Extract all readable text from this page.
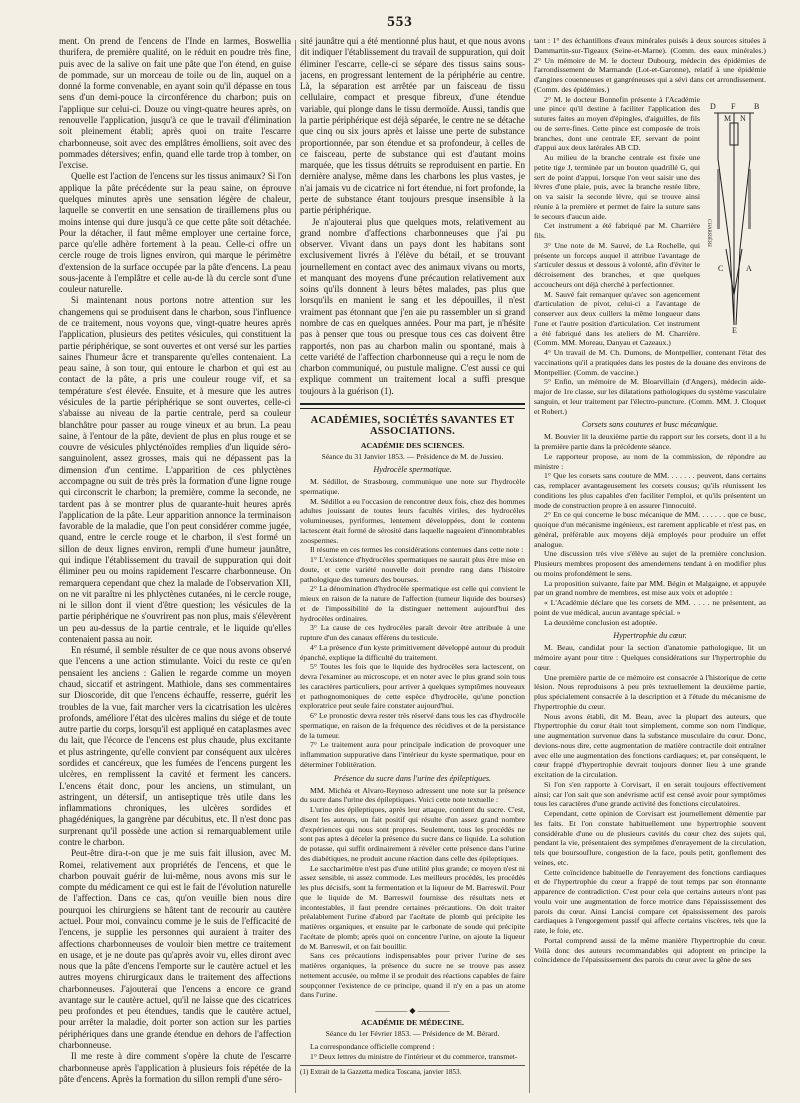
553

ment. On prend de l'encens de l'Inde en larmes, Boswellia thurifera, de première qualité, on le réduit en poudre très fine, puis avec de la salive on fait une pâte que l'on étend, en guise de pommade, sur un morceau de toile ou de lin, auquel on a donné la forme convenable, en ayant soin qu'il dépasse en tous sens d'un demi-pouce la circonférence du charbon; puis on l'applique sur celui-ci. Douze ou vingt-quatre heures après, on renouvelle l'application, jusqu'à ce que le travail d'élimination soit pleinement établi; après quoi on traite l'escarre charbonneuse, soit avec des emplâtres émolliens, soit avec des pommades détersives; enfin, quand elle tarde trop à tomber, on l'excise.

Quelle est l'action de l'encens sur les tissus animaux? Si l'on applique la pâte précédente sur la peau saine, on éprouve quelques minutes après une sensation légère de chaleur, laquelle se convertit en une sensation de tiraillemens plus ou moins intense qui dure jusqu'à ce que cette pâte soit détachée. Pour la détacher, il faut même employer une certaine force, parce qu'elle adhère fortement à la peau. Celle-ci offre un cercle rouge de trois lignes environ, qui marque le périmètre d'extension de la surface occupée par la pâte d'encens. La peau sous-jacente à l'emplâtre et celle au-de là du cercle sont d'une couleur naturelle.

Si maintenant nous portons notre attention sur les changemens qui se produisent dans le charbon, sous l'influence de ce traitement, nous voyons que, vingt-quatre heures après l'application, plusieurs des petites vésicules, qui constituent la partie périphérique, se sont ouvertes et ont versé sur les parties saines l'humeur âcre et transparente qu'elles contenaient. La peau saine, à son tour, qui entoure le charbon et qui est au contact de la pâte, a pris une couleur rouge vif, et sa température s'est élevée. Ensuite, et à mesure que les autres vésicules de la partie périphérique se sont ouvertes, celle-ci s'abaisse au niveau de la partie centrale, perd sa couleur blanchâtre pour passer au rouge vineux et au brun. La peau saine, à l'entour de la pâte, devient de plus en plus rouge et se couvre de vésicules phlycténoïdes remplies d'un liquide séro-sanguinolent, assez grosses, mais qui ne dépassent pas la dimension d'un centime. L'apparition de ces phlyctènes accompagne ou suit de très près la formation d'une ligne rouge qui circonscrit le charbon; la première, comme la seconde, ne tardent pas à se montrer plus de quarante-huit heures après l'application de la pâte. Leur apparition annonce la terminaison favorable de la maladie, que l'on peut considérer comme jugée, quand, entre le cercle rouge et le charbon, il s'est formé un sillon de deux lignes environ, rempli d'une humeur jaunâtre, qui indique l'établissement du travail de suppuration qui doit éliminer peu ou moins rapidement l'escarre charbonneuse. On remarquera cependant que chez la malade de l'observation XII, on ne vit paraître ni les phlyctènes cutanées, ni le cercle rouge, ni le sillon dont il vient d'être question; les vésicules de la partie périphérique ne s'ouvrirent pas non plus, mais s'élevèrent un peu au-dessus de la partie centrale, et le liquide qu'elles contenaient passa au noir.

En résumé, il semble résulter de ce que nous avons observé que l'encens a une action stimulante. Voici du reste ce qu'en pensaient les anciens : Galien le regarde comme un moyen chaud, siccatif et astringent. Mathiole, dans ses commentaires sur Dioscoride, dit que l'encens échauffe, resserre, guérit les troubles de la vue, fait marcher vers la cicatrisation les ulcères profonds, améliore l'état des ulcères malins du siége et de toute autre partie du corps, lorsqu'il est appliqué en cataplasmes avec du lait, que l'écorce de l'encens est plus chaude, plus excitante et plus astringente, qu'elle convient par conséquent aux ulcères sordides et cancéreux, que les fumées de l'encens purgent les ulcères, en remplissent la cavité et ferment les cancers. L'encens était donc, pour les anciens, un stimulant, un astringent, un détersif, un antiseptique très utile dans les inflammations chroniques, les ulcères sordides et phagédéniques, la gangrène par décubitus, etc. Il n'est donc pas surprenant qu'il possède une action si remarquablement utile contre le charbon.

Peut-être dira-t-on que je me suis fait illusion, avec M. Romei, relativement aux propriétés de l'encens, et que le charbon pouvait guérir de lui-même, nous avons mis sur le compte du médicament ce qui est le fait de l'évolution naturelle de l'affection. Dans ce cas, qu'on veuille bien nous dire pourquoi les chirurgiens se hâtent tant de recourir au cautère actuel. Pour moi, convaincu comme je le suis de l'efficacité de l'encens, je supplie les personnes qui auraient à traiter des affections charbonneuses de vouloir bien mettre ce traitement en usage, et je ne doute pas qu'après avoir vu, elles diront avec nous que la pâte d'encens l'emporte sur le cautère actuel et les autres moyens chirurgicaux dans le traitement des affections charbonneuses. J'ajouterai que l'encens a encore ce grand avantage sur le cautère actuel, qu'il ne laisse que des cicatrices peu profondes et peu étendues, tandis que le cautère actuel, pour arrêter la maladie, doit porter son action sur les parties périphériques dans une grande étendue en dehors de l'affection charbonneuse.

Il me reste à dire comment s'opère la chute de l'escarre charbonneuse après l'application à plusieurs fois répétée de la pâte d'encens. Après la formation du sillon rempli d'une séro-

sité jaunâtre qui a été mentionné plus haut, et que nous avons dit indiquer l'établissement du travail de suppuration, qui doit éliminer l'escarre, celle-ci se sépare des tissus sains sous-jacens, en progressant lentement de la périphérie au centre. Là, la séparation est arrêtée par un faisceau de tissu cellulaire, compact et presque fibreux, d'une étendue variable, qui plonge dans le tissu dermoïde. Aussi, tandis que la partie périphérique est déjà séparée, le centre ne se détache que cinq ou six jours après et laisse une perte de substance proportionnée, par son étendue et sa profondeur, à celles de ce faisceau, perte de substance qui est d'autant moins marquée, que les tissus détruits se reproduisent en partie. En dernière analyse, même dans les charbons les plus vastes, je n'ai jamais vu de cicatrice ni fort étendue, ni fort profonde, la perte de substance étant toujours presque insensible à la partie périphérique.

Je n'ajouterai plus que quelques mots, relativement au grand nombre d'affections charbonneuses que j'ai pu observer. Vivant dans un pays dont les habitans sont exclusivement livrés à l'élève du bétail, et se trouvant journellement en contact avec des animaux vivans ou morts, et manquant des moyens d'une précaution relativement aux soins qu'ils donnent à leurs bêtes malades, pas plus que lorsqu'ils en manient le sang et les dépouilles, il n'est vraiment pas étonnant que j'en aie pu rassembler un si grand nombre de cas en quelques années. Pour ma part, je n'hésite pas à penser que tous ou presque tous ces cas doivent être rapportés, non pas au charbon malin ou spontané, mais à cette variété de l'affection charbonneuse qui a reçu le nom de charbon communiqué, ou pustule maligne. C'est aussi ce qui explique comment un traitement local a suffi presque toujours à la guérison (1).

ACADÉMIES, SOCIÉTÉS SAVANTES ET ASSOCIATIONS.
ACADÉMIE DES SCIENCES.
Séance du 31 Janvier 1853. — Présidence de M. de Jussieu.
Hydrocèle spermatique.

M. Sédillot, de Strasbourg, communique une note sur l'hydrocèle spermatique.

M. Sédillot a eu l'occasion de rencontrer deux fois, chez des hommes adultes jouissant de toutes leurs facultés viriles, des hydrocèles volumineuses, pyriformes, lentement développées, dont le contenu lactescent était formé de sérosité dans laquelle nageaient d'innombrables zoospermes.

Il résume en ces termes les considérations contenues dans cette note :

1° L'existence d'hydrocèles spermatiques ne saurait plus être mise en doute, et cette variété nouvelle doit prendre rang dans l'histoire pathologique des tumeurs des bourses.

2° La dénomination d'hydrocèle spermatique est celle qui convient le mieux en raison de la nature de l'affection (tumeur liquide des bourses) et de l'impossibilité de la distinguer nettement aujourd'hui des hydrocèles ordinaires.

3° La cause de ces hydrocèles paraît devoir être attribuée à une rupture d'un des canaux efférens du testicule.

4° La présence d'un kyste primitivement développé autour du produit épanché, explique la difficulté du traitement.

5° Toutes les fois que le liquide des hydrocèles sera lactescent, on devra l'examiner au microscope, et en noter avec le plus grand soin tous les caractères particuliers, pour arriver à quelques symptômes nouveaux et pathognomoniques de cette espèce d'hydrocèle, qu'une ponction exploratrice peut seule faire constater aujourd'hui.

6° Le pronostic devra rester très réservé dans tous les cas d'hydrocèle spermatique, en raison de la fréquence des récidives et de la persistance de la tumeur.

7° Le traitement aura pour principale indication de provoquer une inflammation suppurative dans l'intérieur du kyste spermatique, pour en déterminer l'oblitération.

Présence du sucre dans l'urine des épileptiques.

MM. Michéa et Alvaro-Reynoso adressent une note sur la présence du sucre dans l'urine des épileptiques. Voici cette note textuelle :

L'urine des épileptiques, après leur attaque, contient du sucre. C'est, disent les auteurs, un fait positif qui résulte d'un assez grand nombre d'expériences qui nous sont propres. Seulement, tous les procédés ne sont pas aptes à déceler la présence du sucre dans ce liquide. La solution de potasse, qui suffit ordinairement à révéler cette présence dans l'urine des diabétiques, ne produit aucune réaction dans celle des épileptiques.

Le saccharimètre n'est pas d'une utilité plus grande; ce moyen n'est ni assez sensible, ni assez commode. Les meilleurs procédés, les procédés les plus décisifs, sont la fermentation et la liqueur de M. Barreswil. Pour que le liquide de M. Barreswil fournisse des résultats nets et incontestables, il faut prendre certaines précautions. On doit traiter préalablement l'urine d'abord par l'acétate de plomb qui précipite les matières organiques, et ensuite par le carbonate de soude qui précipite l'acétate de plomb; après quoi on concentre l'urine, on ajoute la liqueur de M. Barreswil, et on fait bouillir.

Sans ces précautions indispensables pour priver l'urine de ses matières organiques, la présence du sucre ne se trouve pas assez nettement accusée, ou même il se produit des réactions capables de faire soupçonner l'existence de ce principe, quand il n'y en a pas un atome dans l'urine.

———— ◆ ————
ACADÉMIE DE MÉDECINE.
Séance du 1er Février 1853. — Présidence de M. Bérard.

La correspondance officielle comprend :

1° Deux lettres du ministre de l'intérieur et du commerce, transmet-

(1) Extrait de la Gazzetta medica Toscana, janvier 1853.

tant : 1° des échantillons d'eaux minérales puisés à deux sources situées à Dammartin-sur-Tigeaux (Seine-et-Marne). (Comm. des eaux minérales.) 2° Un mémoire de M. le docteur Dubourg, médecin des épidémies de l'arrondissement de Marmande (Lot-et-Garonne), relatif à une épidémie d'angines couenneuses et gangréneuses qui a sévi dans cet arrondissement. (Comm. des épidémies.)

D F B
M N
C	A
E
CHARRIÈRE

2° M. le docteur Bonnefin présente à l'Académie une pince qu'il destine à faciliter l'application des sutures faites au moyen d'épingles, d'aiguilles, de fils ou de serre-fines. Cette pince est composée de trois branches, dont une centrale EF, servant de point d'appui aux deux latérales AB CD.

Au milieu de la branche centrale est fixée une petite tige J, terminée par un bouton quadrillé G, qui sert de point d'appui, lorsque l'on veut saisir une des lèvres d'une plaie, puis, avec la branche restée libre, on va saisir la seconde lèvre, qui se trouve ainsi réunie à la première et permet de faire la suture sans le secours d'aucun aide.

Cet instrument a été fabriqué par M. Charrière fils.

3° Une note de M. Sauvé, de La Rochelle, qui présente un forceps auquel il attribue l'avantage de s'articuler dessus et dessous à volonté, afin d'éviter le décroisement des branches, et que quelques accoucheurs ont déjà cherché à perfectionner.

M. Sauvé fait remarquer qu'avec son agencement d'articulation de pivot, celui-ci a l'avantage de conserver aux deux cuillers la même longueur dans l'une et l'autre position d'articulation. Cet instrument a été fabriqué dans les ateliers de M. Charrière. (Comm. MM. Moreau, Danyau et Cazeaux.)

4° Un travail de M. Ch. Dumons, de Montpellier, contenant l'état des vaccinations qu'il a pratiquées dans les postes de la douane des environs de Montpellier. (Comm. de vaccine.)

5° Enfin, un mémoire de M. Bloarvillain (d'Angers), médecin aide-major de 1re classe, sur les dilatations pathologiques du système vasculaire sanguin, et leur traitement par l'électro-puncture. (Comm. MM. J. Cloquet et Robert.)

Corsets sans coutures et busc mécanique.

M. Bouvier lit la deuxième partie du rapport sur les corsets, dont il a lu la première partie dans la précédente séance.

Le rapporteur propose, au nom de la commission, de répondre au ministre :

1° Que les corsets sans couture de MM. . . . . . . peuvent, dans certains cas, remplacer avantageusement les corsets cousus; qu'ils réunissent les conditions les plus capables d'en faciliter l'emploi, et qu'ils présentent un mode de construction propre à en assurer l'innocuité.

2° En ce qui concerne le busc mécanique de MM. . . . . . . que ce busc, quoique d'un mécanisme ingénieux, est rarement applicable et n'est pas, en général, préférable aux moyens déjà employés pour produire un effet analogue.

Une discussion très vive s'élève au sujet de la première conclusion. Plusieurs membres proposent des amendemens tendant à en modifier plus ou moins profondément le sens.

La proposition suivante, faite par MM. Bégin et Malgaigne, et appuyée par un grand nombre de membres, est mise aux voix et adoptée :

« L'Académie déclare que les corsets de MM. . . . . ne présentent, au point de vue médical, aucun avantage spécial. »

La deuxième conclusion est adoptée.

Hypertrophie du cœur.

M. Beau, candidat pour la section d'anatomie pathologique, lit un mémoire ayant pour titre : Quelques considérations sur l'hypertrophie du cœur.

Une première partie de ce mémoire est consacrée à l'historique de cette lésion. Nous reproduisons à peu près textuellement la deuxième partie, plus spécialement consacrée à la description et à l'étude du mécanisme de l'hypertrophie du cœur.

Nous avons établi, dit M. Beau, avec la plupart des auteurs, que l'hypertrophie du cœur était tout simplement, comme son nom l'indique, une augmentation survenue dans la substance musculaire du cœur. Donc, devions-nous dire, cette augmentation de matière contractile doit entraîner avec elle une augmentation des fonctions cardiaques; et, par conséquent, le cœur frappé d'hypertrophie devrait toujours donner lieu à une grande excitation de la circulation.

Si l'on s'en rapporte à Corvisart, il en serait toujours effectivement ainsi; car l'on sait que son anévrisme actif est censé avoir pour symptômes tous les caractères d'une grande activité des fonctions circulatoires.

Cependant, cette opinion de Corvisart est journellement démentie par les faits. Et l'on constate habituellement une hypertrophie souvent considérable d'une ou de plusieurs cavités du cœur chez des sujets qui, pendant la vie, présentaient des symptômes d'enrayement de la circulation, tels que boursouflure, congestion de la face, pouls petit, gonflement des veines, etc.

Cette coïncidence habituelle de l'enrayement des fonctions cardiaques et de l'hypertrophie du cœur a frappé de tout temps par son étonnante apparence de contradiction. C'est pour cela que certains auteurs n'ont pas voulu voir une augmentation de force motrice dans l'épaississement des parois du cœur. Ainsi Lancisi compare cet épaississement des parois cardiaques à l'engorgement passif qui affecte certains viscères, tels que la rate, le foie, etc.

Portal comprend aussi de la même manière l'hypertrophie du cœur. Voilà donc des auteurs recommandables qui adoptent en principe la coïncidence de l'épaississement des parois du cœur avec la gêne de ses
